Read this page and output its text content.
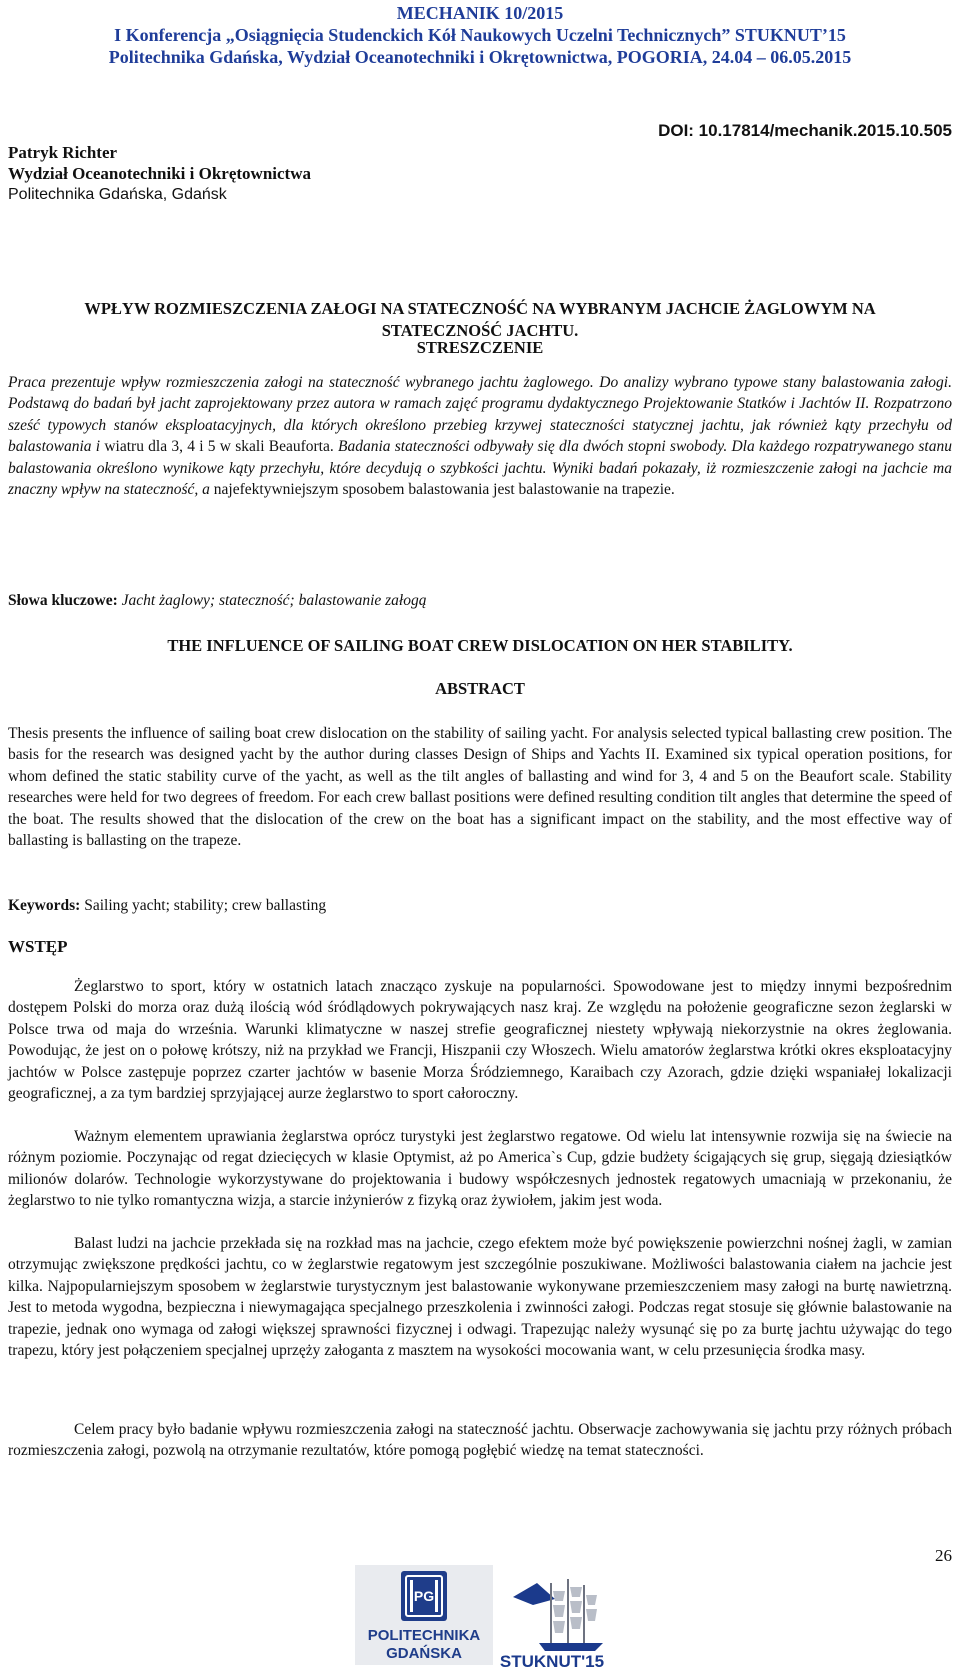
MECHANIK 10/2015
I Konferencja „Osiągnięcia Studenckich Kół Naukowych Uczelni Technicznych” STUKNUT’15
Politechnika Gdańska, Wydział Oceanotechniki i Okrętownictwa, POGORIA, 24.04 – 06.05.2015
DOI: 10.17814/mechanik.2015.10.505
Patryk Richter
Wydział Oceanotechniki i Okrętownictwa
Politechnika Gdańska, Gdańsk
WPŁYW ROZMIESZCZENIA ZAŁOGI NA STATECZNOŚĆ NA WYBRANYM JACHCIE ŻAGLOWYM NA
STATECZNOŚĆ JACHTU.
STRESZCZENIE

Praca prezentuje wpływ rozmieszczenia załogi na stateczność wybranego jachtu żaglowego. Do analizy wybrano typowe stany balastowania załogi. Podstawą do badań był jacht zaprojektowany przez autora w ramach zajęć programu dydaktycznego Projektowanie Statków i Jachtów II. Rozpatrzono sześć typowych stanów eksploatacyjnych, dla których określono przebieg krzywej stateczności statycznej jachtu, jak również kąty przechyłu od balastowania i wiatru dla 3, 4 i 5 w skali Beauforta. Badania stateczności odbywały się dla dwóch stopni swobody. Dla każdego rozpatrywanego stanu balastowania określono wynikowe kąty przechyłu, które decydują o szybkości jachtu. Wyniki badań pokazały, iż rozmieszczenie załogi na jachcie ma znaczny wpływ na stateczność, a najefektywniejszym sposobem balastowania jest balastowanie na trapezie.

Słowa kluczowe: Jacht żaglowy; stateczność; balastowanie załogą
THE INFLUENCE OF SAILING BOAT CREW DISLOCATION ON HER STABILITY.
ABSTRACT

Thesis presents the influence of sailing boat crew dislocation on the stability of sailing yacht. For analysis selected typical ballasting crew position. The basis for the research was designed yacht by the author during classes Design of Ships and Yachts II. Examined six typical operation positions, for whom defined the static stability curve of the yacht, as well as the tilt angles of ballasting and wind for 3, 4 and 5 on the Beaufort scale. Stability researches were held for two degrees of freedom. For each crew ballast positions were defined resulting condition tilt angles that determine the speed of the boat. The results showed that the dislocation of the crew on the boat has a significant impact on the stability, and the most effective way of ballasting is ballasting on the trapeze.

Keywords: Sailing yacht; stability; crew ballasting
WSTĘP

Żeglarstwo to sport, który w ostatnich latach znacząco zyskuje na popularności. Spowodowane jest to między innymi bezpośrednim dostępem Polski do morza oraz dużą ilością wód śródlądowych pokrywających nasz kraj. Ze względu na położenie geograficzne sezon żeglarski w Polsce trwa od maja do września. Warunki klimatyczne w naszej strefie geograficznej niestety wpływają niekorzystnie na okres żeglowania. Powodując, że jest on o połowę krótszy, niż na przykład we Francji, Hiszpanii czy Włoszech. Wielu amatorów żeglarstwa krótki okres eksploatacyjny jachtów w Polsce zastępuje poprzez czarter jachtów w basenie Morza Śródziemnego, Karaibach czy Azorach, gdzie dzięki wspaniałej lokalizacji geograficznej, a za tym bardziej sprzyjającej aurze żeglarstwo to sport całoroczny.

Ważnym elementem uprawiania żeglarstwa oprócz turystyki jest żeglarstwo regatowe. Od wielu lat intensywnie rozwija się na świecie na różnym poziomie. Poczynając od regat dziecięcych w klasie Optymist, aż po America`s Cup, gdzie budżety ścigających się grup, sięgają dziesiątków milionów dolarów. Technologie wykorzystywane do projektowania i budowy współczesnych jednostek regatowych umacniają w przekonaniu, że żeglarstwo to nie tylko romantyczna wizja, a starcie inżynierów z fizyką oraz żywiołem, jakim jest woda.

Balast ludzi na jachcie przekłada się na rozkład mas na jachcie, czego efektem może być powiększenie powierzchni nośnej żagli, w zamian otrzymując zwiększone prędkości jachtu, co w żeglarstwie regatowym jest szczególnie poszukiwane. Możliwości balastowania ciałem na jachcie jest kilka. Najpopularniejszym sposobem w żeglarstwie turystycznym jest balastowanie wykonywane przemieszczeniem masy załogi na burtę nawietrzną. Jest to metoda wygodna, bezpieczna i niewymagająca specjalnego przeszkolenia i zwinności załogi. Podczas regat stosuje się głównie balastowanie na trapezie, jednak ono wymaga od załogi większej sprawności fizycznej i odwagi. Trapezując należy wysunąć się po za burtę jachtu używając do tego trapezu, który jest połączeniem specjalnej uprzęży załoganta z masztem na wysokości mocowania want, w celu przesunięcia środka masy.

Celem pracy było badanie wpływu rozmieszczenia załogi na stateczność jachtu. Obserwacje zachowywania się jachtu przy różnych próbach rozmieszczenia załogi, pozwolą na otrzymanie rezultatów, które pomogą pogłębić wiedzę na temat stateczności.

26
PG
POLITECHNIKA
GDAŃSKA STUKNUT'15
